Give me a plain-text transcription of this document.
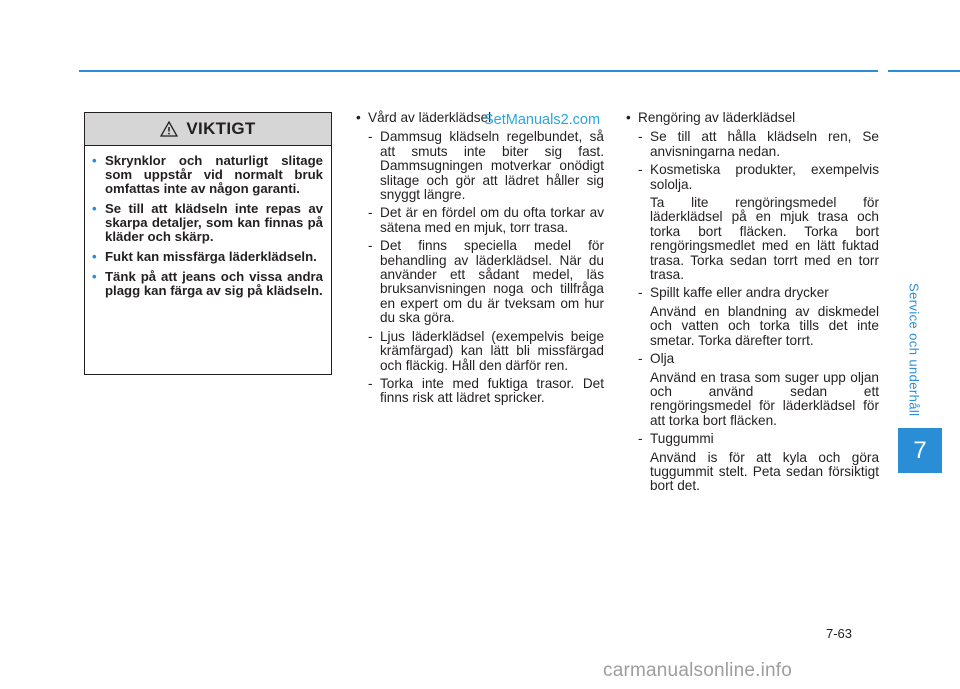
Service och underhåll
7
VIKTIGT
• Skrynklor och naturligt slitage som uppstår vid normalt bruk omfattas inte av någon garanti.
• Se till att klädseln inte repas av skarpa detaljer, som kan finnas på kläder och skärp.
• Fukt kan missfärga läderklädseln.
• Tänk på att jeans och vissa andra plagg kan färga av sig på klädseln.
• Vård av läderklädsel
- Dammsug klädseln regelbundet, så att smuts inte biter sig fast. Dammsugningen motverkar onödigt slitage och gör att lädret håller sig snyggt längre.
- Det är en fördel om du ofta torkar av sätena med en mjuk, torr trasa.
- Det finns speciella medel för behandling av läderklädsel. När du använder ett sådant medel, läs bruksanvisningen noga och tillfråga en expert om du är tveksam om hur du ska göra.
- Ljus läderklädsel (exempelvis beige krämfärgad) kan lätt bli missfärgad och fläckig. Håll den därför ren.
- Torka inte med fuktiga trasor. Det finns risk att lädret spricker.
• Rengöring av läderklädsel
- Se till att hålla klädseln ren, Se anvisningarna nedan.
- Kosmetiska produkter, exempelvis sololja.
Ta lite rengöringsmedel för läderklädsel på en mjuk trasa och torka bort fläcken. Torka bort rengöringsmedlet med en lätt fuktad trasa. Torka sedan torrt med en torr trasa.
- Spillt kaffe eller andra drycker
Använd en blandning av diskmedel och vatten och torka tills det inte smetar. Torka därefter torrt.
- Olja
Använd en trasa som suger upp oljan och använd sedan ett rengöringsmedel för läderklädsel för att torka bort fläcken.
- Tuggummi
Använd is för att kyla och göra tuggummit stelt. Peta sedan försiktigt bort det.
SetManuals2.com
7-63
carmanualsonline.info
